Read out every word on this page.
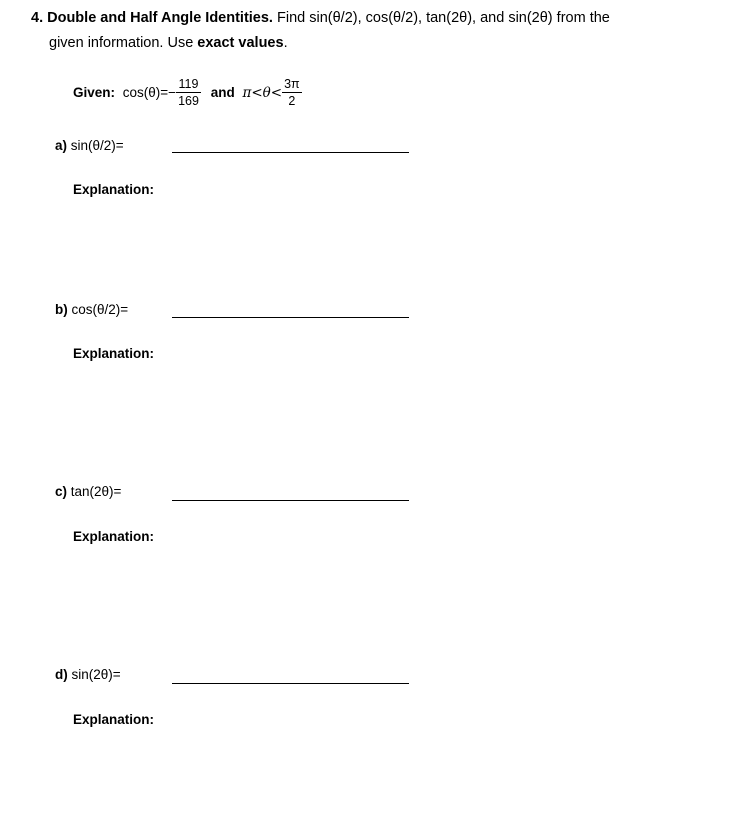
4. Double and Half Angle Identities. Find sin(θ/2), cos(θ/2), tan(2θ), and sin(2θ) from the
given information. Use exact values.
Given: $\cos(\theta)=- \frac{119}{169}$ and $\pi<\theta< \frac{3\pi}{2}$
a) sin(θ/2)=
Explanation:
b) cos(θ/2)=
Explanation:
c) tan(2θ)=
Explanation:
d) sin(2θ)=
Explanation:
